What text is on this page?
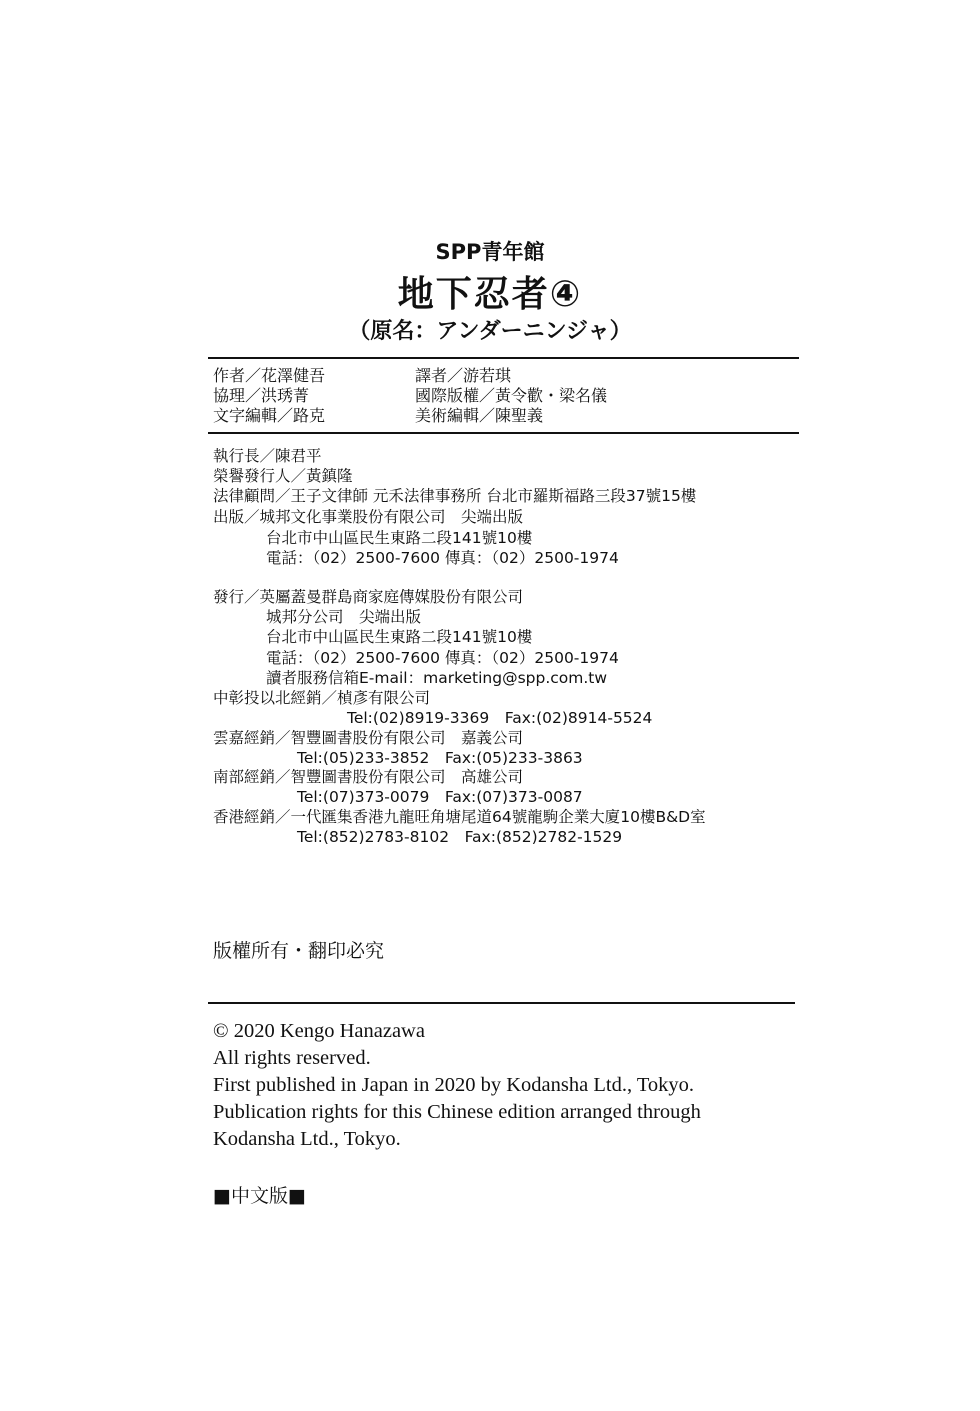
SPP青年館
地下忍者④
（原名：アンダーニンジャ）
作者／花澤健吾
協理／洪琇菁
文字編輯／路克
譯者／游若琪
國際版權／黃令歡・梁名儀
美術編輯／陳聖義
執行長／陳君平
榮譽發行人／黃鎮隆
法律顧問／王子文律師 元禾法律事務所 台北市羅斯福路三段37號15樓
出版／城邦文化事業股份有限公司　尖端出版
台北市中山區民生東路二段141號10樓
電話：（02）2500-7600 傳真：（02）2500-1974
發行／英屬蓋曼群島商家庭傳媒股份有限公司
城邦分公司　尖端出版
台北市中山區民生東路二段141號10樓
電話：（02）2500-7600 傳真：（02）2500-1974
讀者服務信箱E-mail：marketing@spp.com.tw
中彰投以北經銷／楨彥有限公司
Tel:(02)8919-3369　Fax:(02)8914-5524
雲嘉經銷／智豐圖書股份有限公司　嘉義公司
Tel:(05)233-3852　Fax:(05)233-3863
南部經銷／智豐圖書股份有限公司　高雄公司
Tel:(07)373-0079　Fax:(07)373-0087
香港經銷／一代匯集香港九龍旺角塘尾道64號龍駒企業大廈10樓B&D室
Tel:(852)2783-8102　Fax:(852)2782-1529
版權所有・翻印必究
© 2020 Kengo Hanazawa
All rights reserved.
First published in Japan in 2020 by Kodansha Ltd., Tokyo.
Publication rights for this Chinese edition arranged through
Kodansha Ltd., Tokyo.
■中文版■
